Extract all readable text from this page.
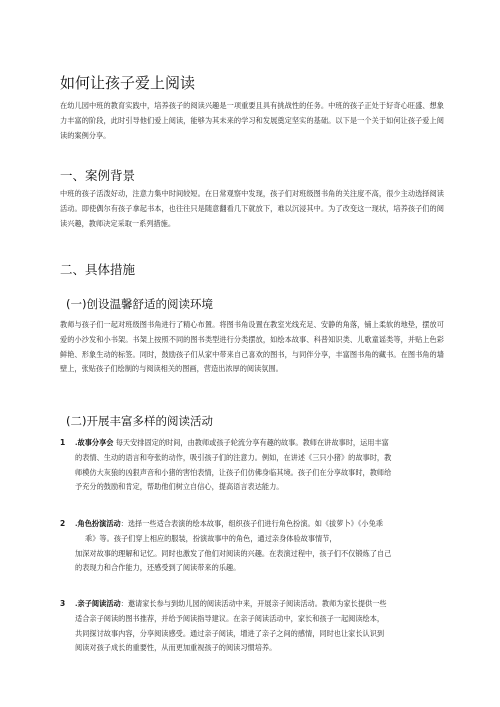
如何让孩子爱上阅读

在幼儿园中班的教育实践中，培养孩子的阅读兴趣是一项重要且具有挑战性的任务。中班的孩子正处于好奇心旺盛、想象力丰富的阶段，此时引导他们爱上阅读，能够为其未来的学习和发展奠定坚实的基础。以下是一个关于如何让孩子爱上阅读的案例分享。

一、案例背景

中班的孩子活泼好动，注意力集中时间较短。在日常观察中发现，孩子们对班级图书角的关注度不高，很少主动选择阅读活动。即使偶尔有孩子拿起书本，也往往只是随意翻看几下就放下，难以沉浸其中。为了改变这一现状，培养孩子们的阅读兴趣，教师决定采取一系列措施。

二、具体措施
(一)创设温馨舒适的阅读环境

教师与孩子们一起对班级图书角进行了精心布置。将图书角设置在教室光线充足、安静的角落，铺上柔软的地垫，摆放可爱的小沙发和小书架。书架上按照不同的图书类型进行分类摆放，如绘本故事、科普知识类、儿歌童谣类等，并贴上色彩鲜艳、形象生动的标签。同时，鼓励孩子们从家中带来自己喜欢的图书，与同伴分享，丰富图书角的藏书。在图书角的墙壁上，张贴孩子们绘制的与阅读相关的图画，营造出浓厚的阅读氛围。

(二)开展丰富多样的阅读活动
1 .故事分享会 每天安排固定的时间，由教师或孩子轮流分享有趣的故事。教师在讲故事时，运用丰富
的表情、生动的语言和夸张的动作，吸引孩子们的注意力。例如，在讲述《三只小猪》的故事时，教
师模仿大灰狼的凶狠声音和小猪的害怕表情，让孩子们仿佛身临其境。孩子们在分享故事时，教师给
予充分的鼓励和肯定，帮助他们树立自信心，提高语言表达能力。

2 .角色扮演活动：选择一些适合表演的绘本故事，组织孩子们进行角色扮演。如《拔萝卜》《小兔乖
乖》等。孩子们穿上相应的服装，扮演故事中的角色，通过亲身体验故事情节，
加深对故事的理解和记忆。同时也激发了他们对阅读的兴趣。在表演过程中，孩子们不仅锻炼了自己
的表现力和合作能力，还感受到了阅读带来的乐趣。

3 .亲子阅读活动：邀请家长参与到幼儿园的阅读活动中来，开展亲子阅读活动。教师为家长提供一些
适合亲子阅读的图书推荐，并给予阅读指导建议。在亲子阅读活动中，家长和孩子一起阅读绘本，
共同探讨故事内容，分享阅读感受。通过亲子阅读，增进了亲子之间的感情，同时也让家长认识到
阅读对孩子成长的重要性，从而更加重视孩子的阅读习惯培养。
